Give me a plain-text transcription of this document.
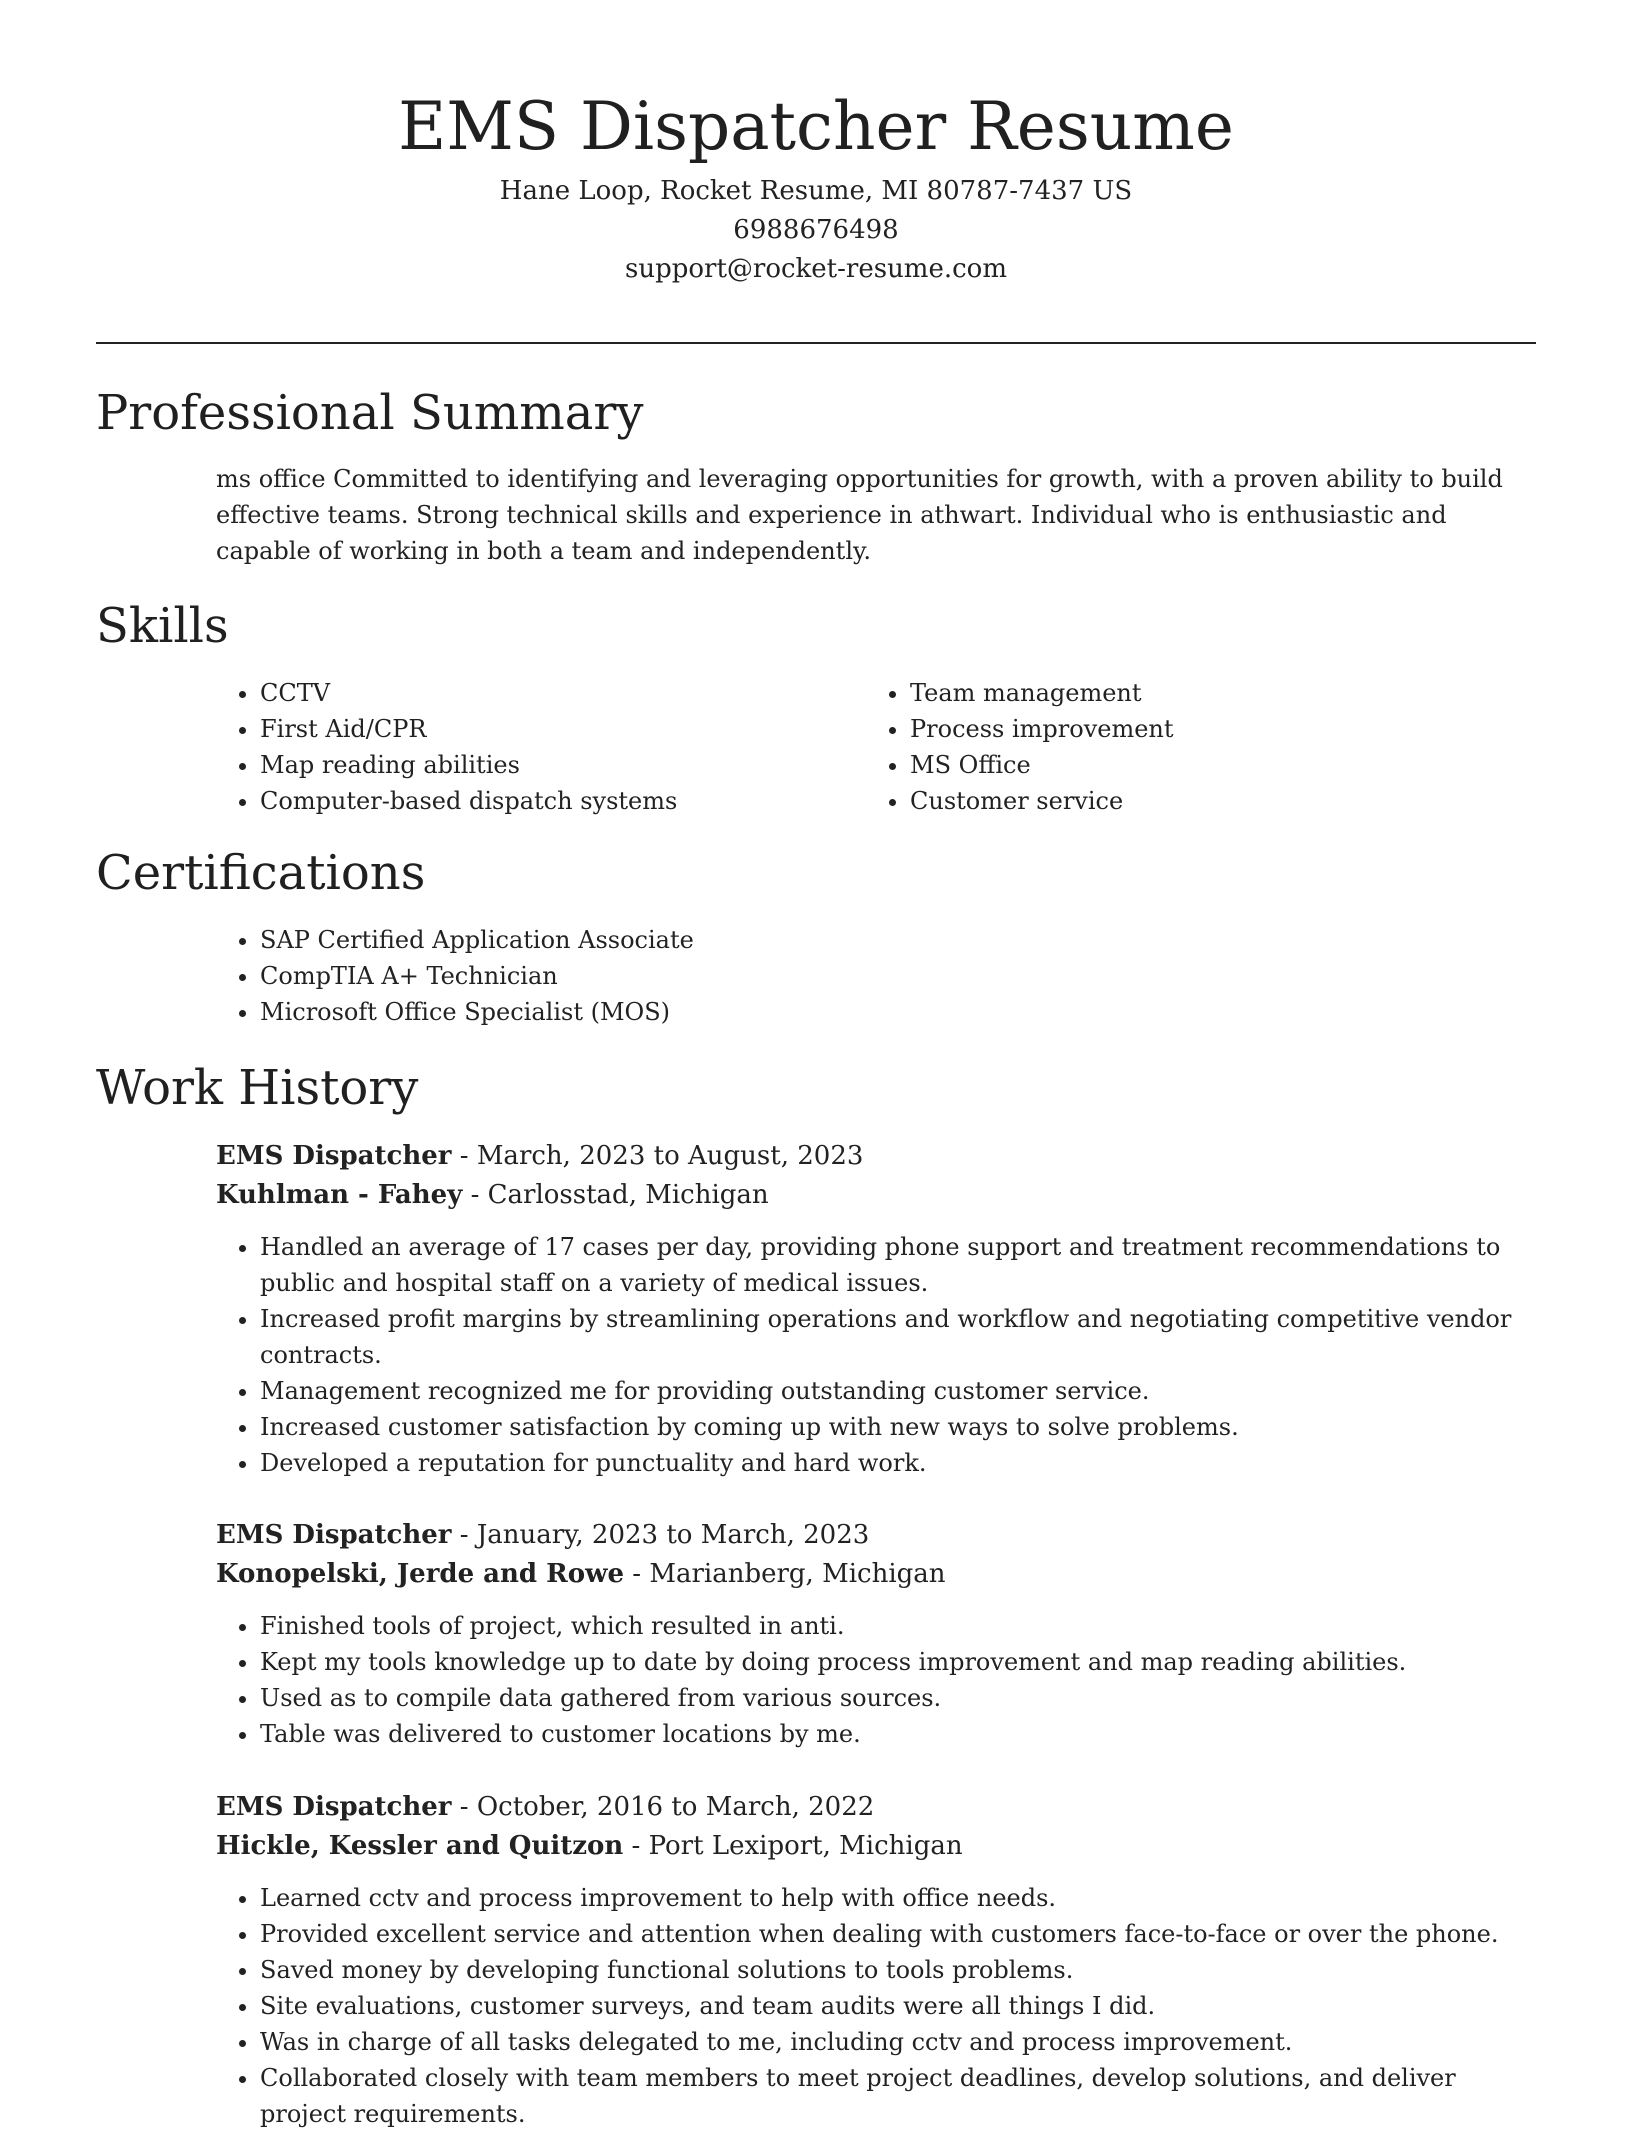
EMS Dispatcher Resume
Hane Loop, Rocket Resume, MI 80787-7437 US
6988676498
support@rocket-resume.com
Professional Summary

ms office Committed to identifying and leveraging opportunities for growth, with a proven ability to build effective teams. Strong technical skills and experience in athwart. Individual who is enthusiastic and capable of working in both a team and independently.

Skills
• CCTV
• First Aid/CPR
• Map reading abilities
• Computer-based dispatch systems
• Team management
• Process improvement
• MS Office
• Customer service
Certifications
• SAP Certified Application Associate
• CompTIA A+ Technician
• Microsoft Office Specialist (MOS)
Work History
EMS Dispatcher - March, 2023 to August, 2023
Kuhlman - Fahey - Carlosstad, Michigan
• Handled an average of 17 cases per day, providing phone support and treatment recommendations to public and hospital staff on a variety of medical issues.
• Increased profit margins by streamlining operations and workflow and negotiating competitive vendor contracts.
• Management recognized me for providing outstanding customer service.
• Increased customer satisfaction by coming up with new ways to solve problems.
• Developed a reputation for punctuality and hard work.
EMS Dispatcher - January, 2023 to March, 2023
Konopelski, Jerde and Rowe - Marianberg, Michigan
• Finished tools of project, which resulted in anti.
• Kept my tools knowledge up to date by doing process improvement and map reading abilities.
• Used as to compile data gathered from various sources.
• Table was delivered to customer locations by me.
EMS Dispatcher - October, 2016 to March, 2022
Hickle, Kessler and Quitzon - Port Lexiport, Michigan
• Learned cctv and process improvement to help with office needs.
• Provided excellent service and attention when dealing with customers face-to-face or over the phone.
• Saved money by developing functional solutions to tools problems.
• Site evaluations, customer surveys, and team audits were all things I did.
• Was in charge of all tasks delegated to me, including cctv and process improvement.
• Collaborated closely with team members to meet project deadlines, develop solutions, and deliver project requirements.
